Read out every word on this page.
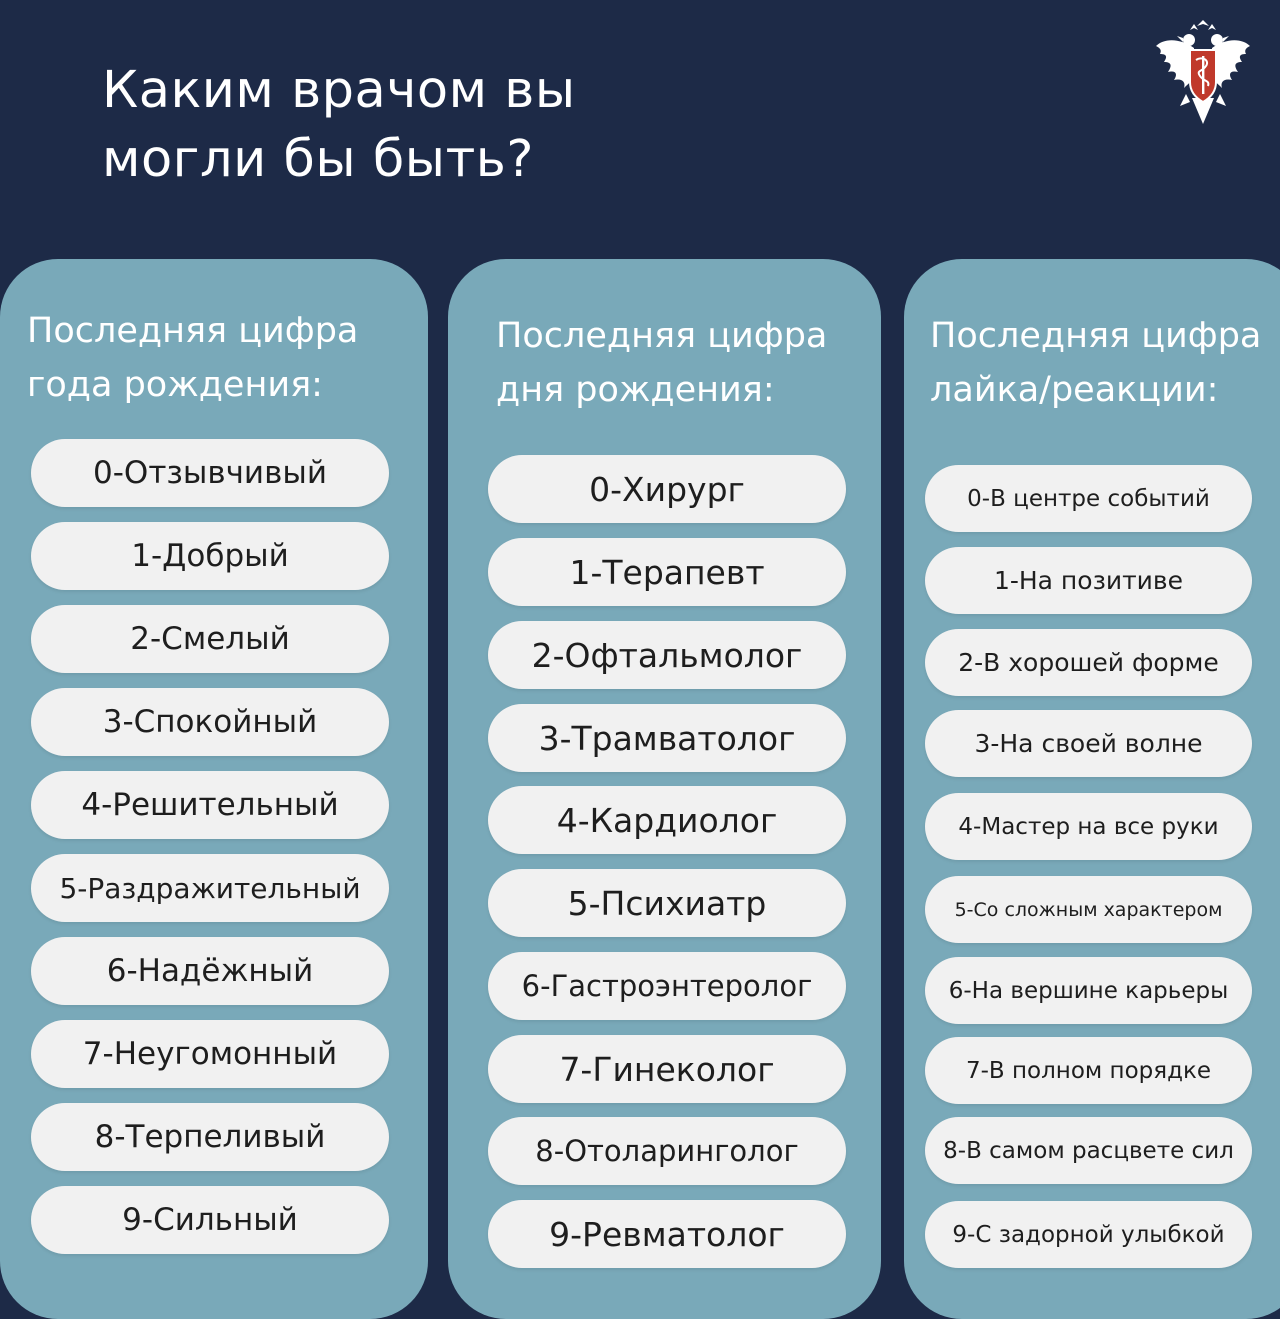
Каким врачом вы
могли бы быть?
Последняя цифра
года рождения:
0-Отзывчивый
1-Добрый
2-Смелый
3-Спокойный
4-Решительный
5-Раздражительный
6-Надёжный
7-Неугомонный
8-Терпеливый
9-Сильный
Последняя цифра
дня рождения:
0-Хирург
1-Терапевт
2-Офтальмолог
3-Трамватолог
4-Кардиолог
5-Психиатр
6-Гастроэнтеролог
7-Гинеколог
8-Отоларинголог
9-Ревматолог
Последняя цифра
лайка/реакции:
0-В центре событий
1-На позитиве
2-В хорошей форме
3-На своей волне
4-Мастер на все руки
5-Со сложным характером
6-На вершине карьеры
7-В полном порядке
8-В самом расцвете сил
9-С задорной улыбкой
